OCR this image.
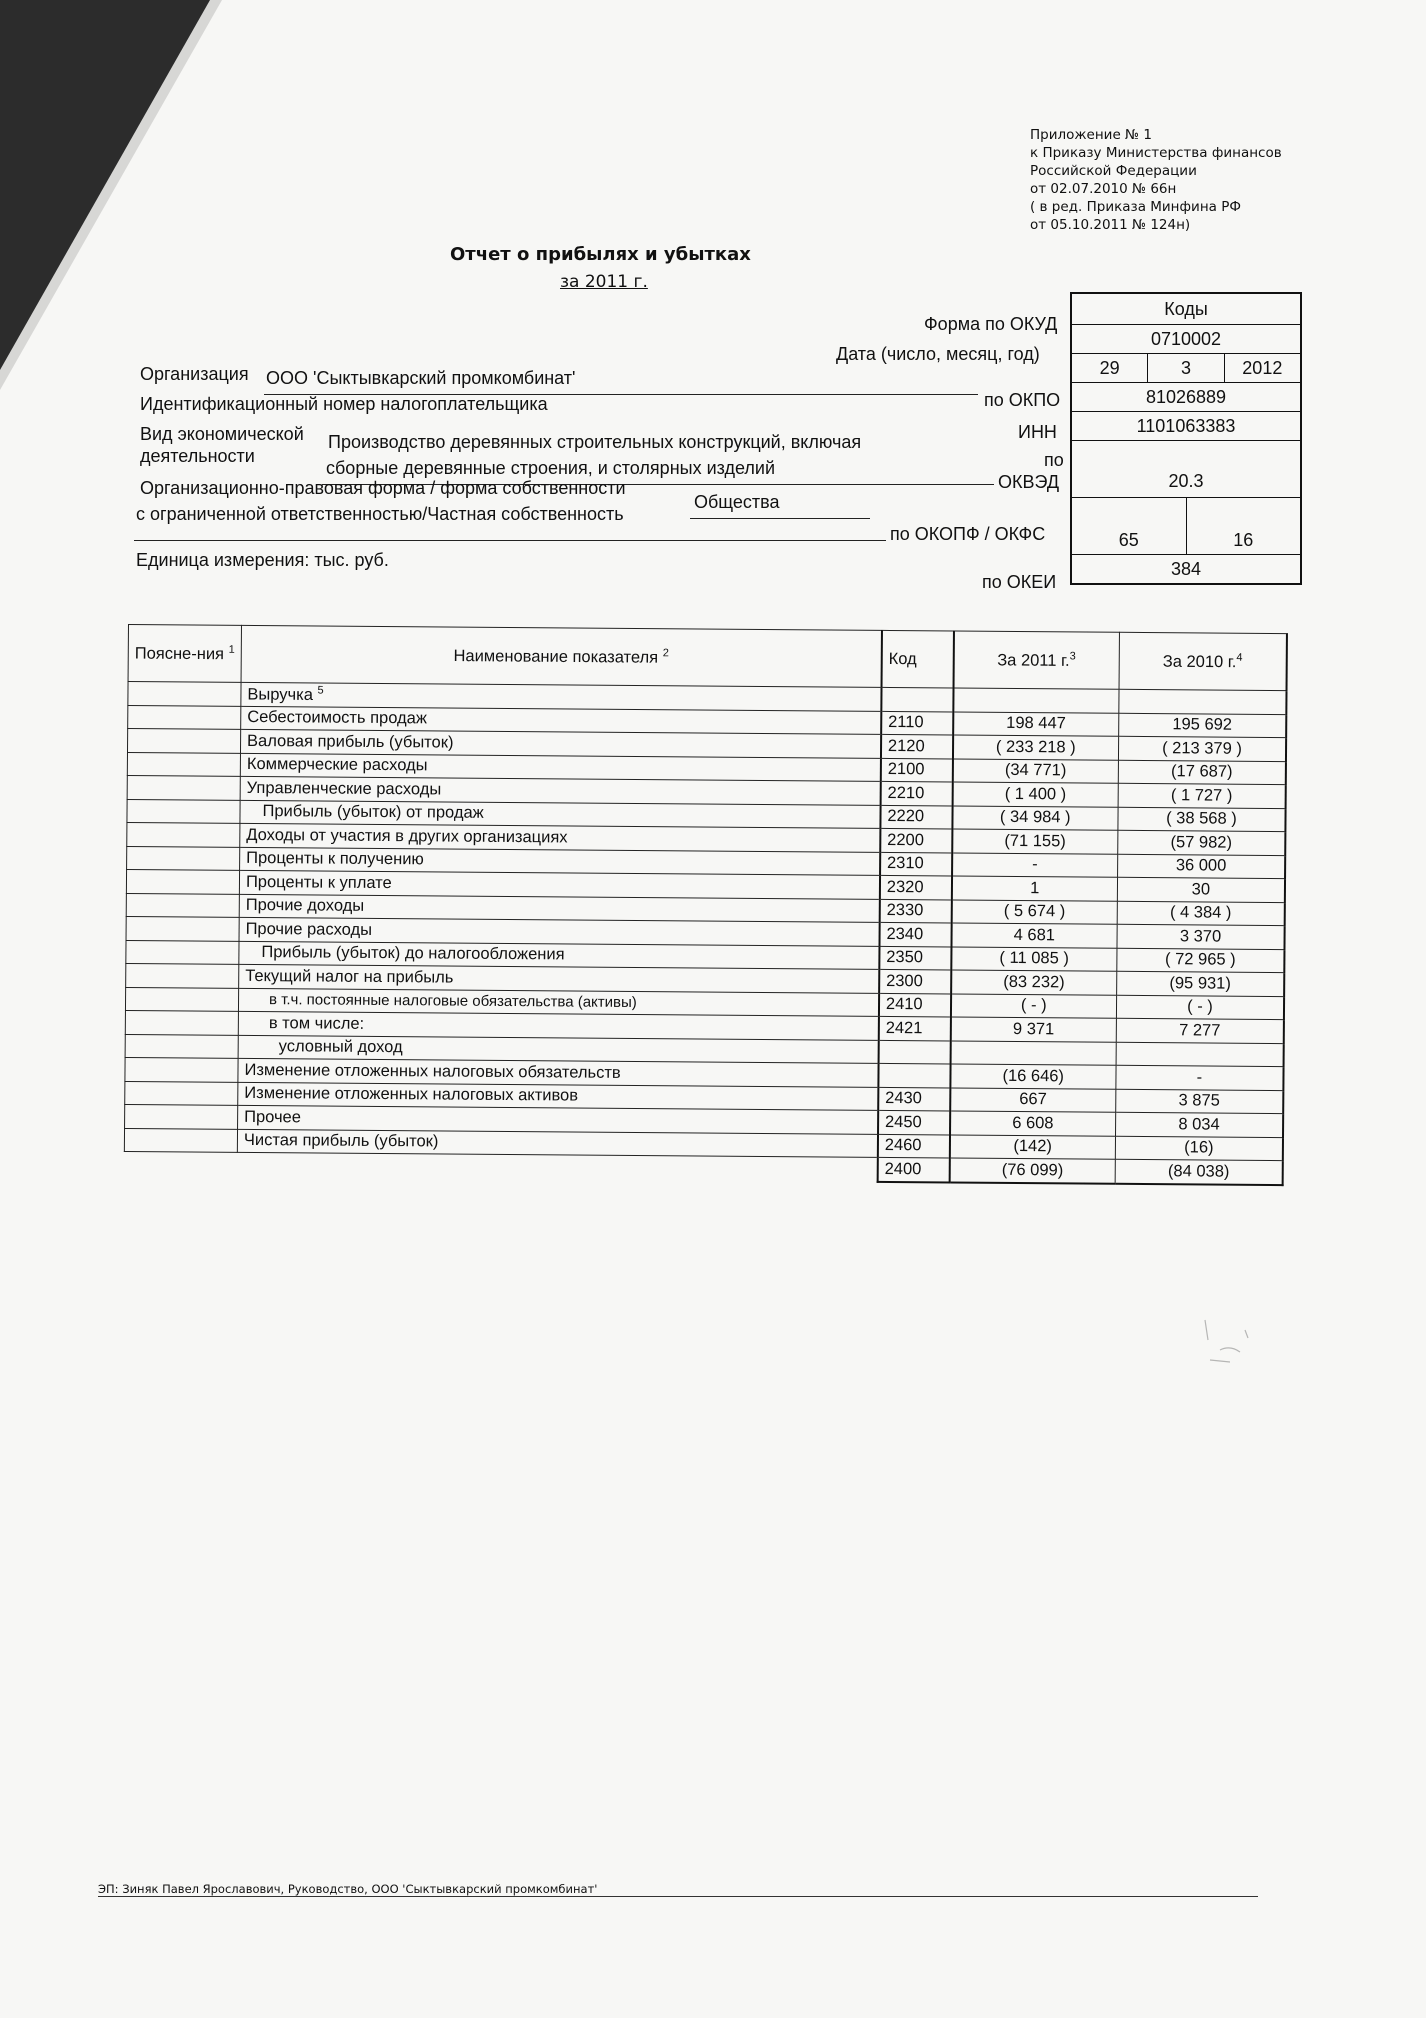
Приложение № 1
к Приказу Министерства финансов
Российской Федерации
от 02.07.2010 № 66н
( в ред. Приказа Минфина РФ
от 05.10.2011 № 124н)
Отчет о прибылях и убытках
за 2011 г.
Форма по ОКУД
Дата (число, месяц, год)
Организация ООО 'Сыктывкарский промкомбинат'
по ОКПО
Идентификационный номер налогоплательщика
ИНН
Вид экономической Производство деревянных строительных конструкций, включая
деятельности
сборные деревянные строения, и столярных изделий	по
ОКВЭД
Организационно-правовая форма / форма собственности
Общества
с ограниченной ответственностью/Частная собственность
по ОКОПФ / ОКФС
Единица измерения: тыс. руб.
по ОКЕИ
Коды
0710002
29	3	2012
81026889
1101063383
20.3
65	16
384
Поясне-ния $^1$	Наименование показателя $^2$	Код	За 2011 г.$^3$	За 2010 г.$^4$
	Выручка $^5$			
	Себестоимость продаж	2110	198 447	195 692
	Валовая прибыль (убыток)	2120	( 233 218 )	( 213 379 )
	Коммерческие расходы	2100	(34 771)	(17 687)
	Управленческие расходы	2210	( 1 400 )	( 1 727 )
	Прибыль (убыток) от продаж	2220	( 34 984 )	( 38 568 )
	Доходы от участия в других организациях	2200	(71 155)	(57 982)
	Проценты к получению	2310	-	36 000
	Проценты к уплате	2320	1	30
	Прочие доходы	2330	( 5 674 )	( 4 384 )
	Прочие расходы	2340	4 681	3 370
	Прибыль (убыток) до налогообложения	2350	( 11 085 )	( 72 965 )
	Текущий налог на прибыль	2300	(83 232)	(95 931)
	в т.ч. постоянные налоговые обязательства (активы)	2410	( - )	( - )
	в том числе:	2421	9 371	7 277
	условный доход			
	Изменение отложенных налоговых обязательств		(16 646)	-
	Изменение отложенных налоговых активов	2430	667	3 875
	Прочее	2450	6 608	8 034
	Чистая прибыль (убыток)	2460	(142)	(16)
		2400	(76 099)	(84 038)
ЭП: Зиняк Павел Ярославович, Руководство, ООО 'Сыктывкарский промкомбинат'
